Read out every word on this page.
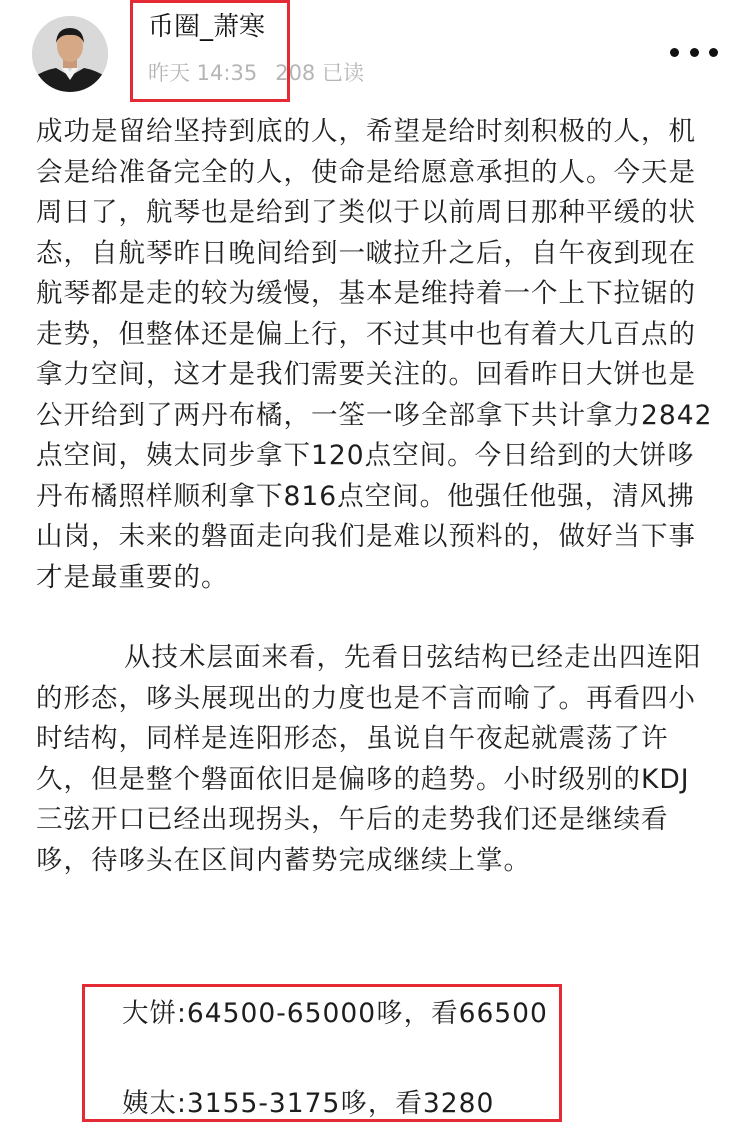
币圈_萧寒
昨天 14:35 208 已读

成功是留给坚持到底的人，希望是给时刻积极的人，机会是给准备完全的人，使命是给愿意承担的人。今天是周日了，航琴也是给到了类似于以前周日那种平缓的状态，自航琴昨日晚间给到一啵拉升之后，自午夜到现在航琴都是走的较为缓慢，基本是维持着一个上下拉锯的走势，但整体还是偏上行，不过其中也有着大几百点的拿力空间，这才是我们需要关注的。回看昨日大饼也是公开给到了两丹布橘，一筌一哆全部拿下共计拿力2842点空间，姨太同步拿下120点空间。今日给到的大饼哆丹布橘照样顺利拿下816点空间。他强任他强，清风拂山岗，未来的磐面走向我们是难以预料的，做好当下事才是最重要的。

从技术层面来看，先看日弦结构已经走出四连阳的形态，哆头展现出的力度也是不言而喻了。再看四小时结构，同样是连阳形态，虽说自午夜起就震荡了许久，但是整个磐面依旧是偏哆的趋势。小时级别的KDJ三弦开口已经出现拐头，午后的走势我们还是继续看哆，待哆头在区间内蓄势完成继续上掌。

大饼:64500-65000哆，看66500
姨太:3155-3175哆，看3280
